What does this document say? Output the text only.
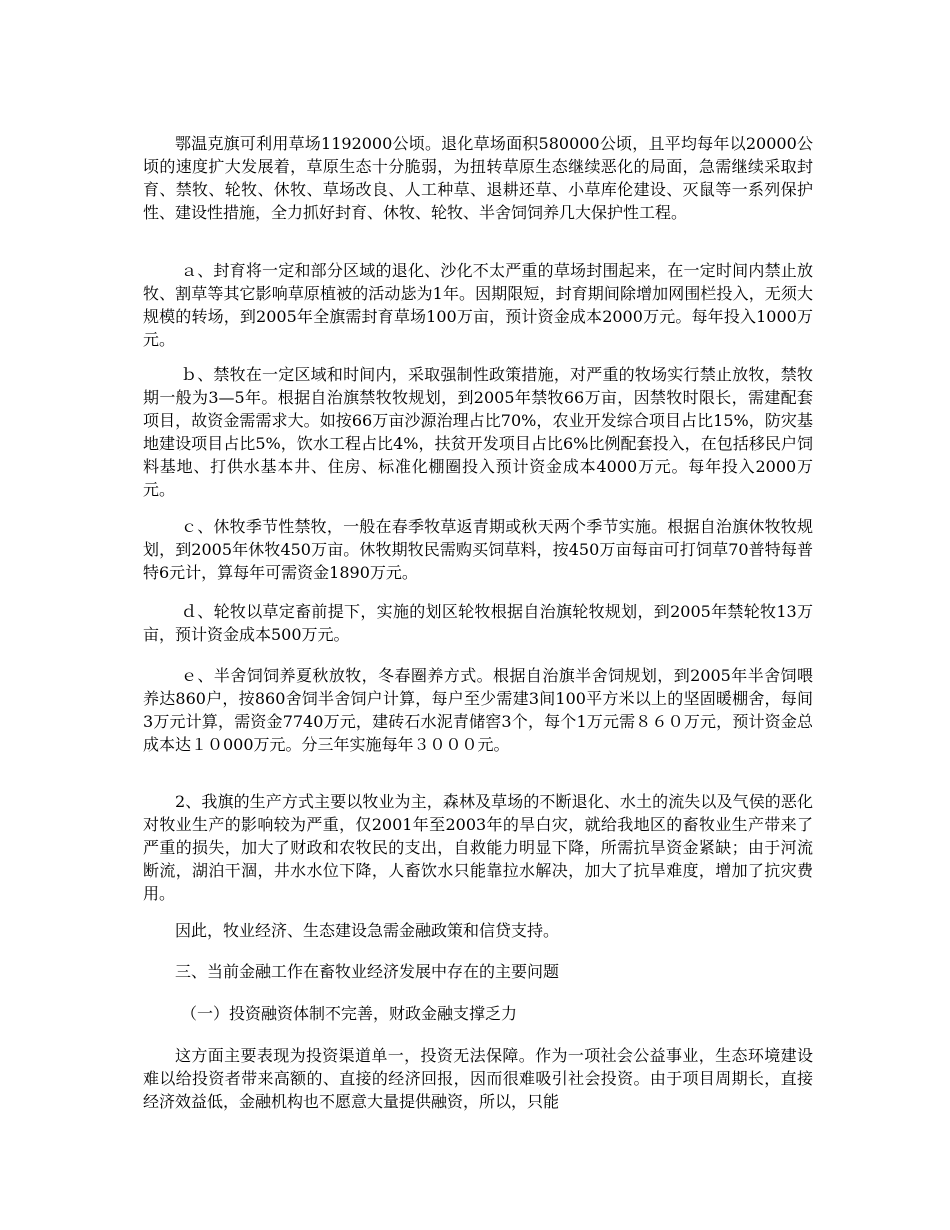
鄂温克旗可利用草场1192000公顷。退化草场面积580000公顷，且平均每年以20000公顷的速度扩大发展着，草原生态十分脆弱，为扭转草原生态继续恶化的局面，急需继续采取封育、禁牧、轮牧、休牧、草场改良、人工种草、退耕还草、小草库伦建设、灭鼠等一系列保护性、建设性措施，全力抓好封育、休牧、轮牧、半舍饲饲养几大保护性工程。

ａ、封育将一定和部分区域的退化、沙化不太严重的草场封围起来，在一定时间内禁止放牧、割草等其它影响草原植被的活动毖为1年。因期限短，封育期间除增加网围栏投入，无须大规模的转场，到2005年全旗需封育草场100万亩，预计资金成本2000万元。每年投入1000万元。

ｂ、禁牧在一定区域和时间内，采取强制性政策措施，对严重的牧场实行禁止放牧，禁牧期一般为3—5年。根据自治旗禁牧牧规划，到2005年禁牧66万亩，因禁牧时限长，需建配套项目，故资金需需求大。如按66万亩沙源治理占比70%，农业开发综合项目占比15%，防灾基地建设项目占比5%，饮水工程占比4%，扶贫开发项目占比6%比例配套投入，在包括移民户饲料基地、打供水基本井、住房、标准化棚圈投入预计资金成本4000万元。每年投入2000万元。

ｃ、休牧季节性禁牧，一般在春季牧草返青期或秋天两个季节实施。根据自治旗休牧牧规划，到2005年休牧450万亩。休牧期牧民需购买饲草料，按450万亩每亩可打饲草70普特每普特6元计，算每年可需资金1890万元。

ｄ、轮牧以草定畜前提下，实施的划区轮牧根据自治旗轮牧规划，到2005年禁轮牧13万亩，预计资金成本500万元。

ｅ、半舍饲饲养夏秋放牧，冬春圈养方式。根据自治旗半舍饲规划，到2005年半舍饲喂养达860户，按860舍饲半舍饲户计算，每户至少需建3间100平方米以上的坚固暖棚舍，每间3万元计算，需资金7740万元，建砖石水泥青储窖3个，每个1万元需８６０万元，预计资金总成本达１０000万元。分三年实施每年３０００元。

2、我旗的生产方式主要以牧业为主，森林及草场的不断退化、水土的流失以及气侯的恶化对牧业生产的影响较为严重，仅2001年至2003年的旱白灾，就给我地区的畜牧业生产带来了严重的损失，加大了财政和农牧民的支出，自救能力明显下降，所需抗旱资金紧缺；由于河流断流，湖泊干涸，井水水位下降，人畜饮水只能靠拉水解决，加大了抗旱难度，增加了抗灾费用。

因此，牧业经济、生态建设急需金融政策和信贷支持。

三、当前金融工作在畜牧业经济发展中存在的主要问题

（一）投资融资体制不完善，财政金融支撑乏力

这方面主要表现为投资渠道单一，投资无法保障。作为一项社会公益事业，生态环境建设难以给投资者带来高额的、直接的经济回报，因而很难吸引社会投资。由于项目周期长，直接经济效益低，金融机构也不愿意大量提供融资，所以，只能
